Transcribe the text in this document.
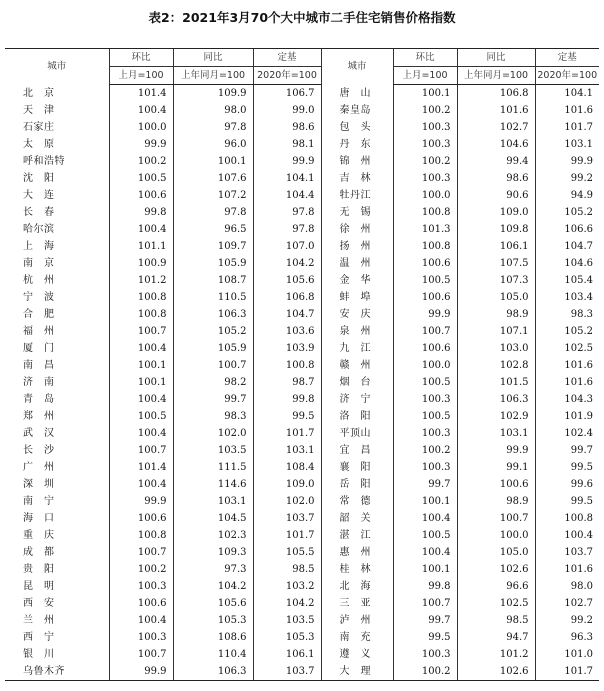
表2：2021年3月70个大中城市二手住宅销售价格指数
城市	环比	同比	定基	城市	环比	同比	定基
	上月=100	上年同月=100	2020年=100		上月=100	上年同月=100	2020年=100
北　京	101.4	109.9	106.7	唐　山	100.1	106.8	104.1
天　津	100.4	98.0	99.0	秦皇岛	100.2	101.6	101.6
石家庄	100.0	97.8	98.6	包　头	100.3	102.7	101.7
太　原	99.9	96.0	98.1	丹　东	100.3	104.6	103.1
呼和浩特	100.2	100.1	99.9	锦　州	100.2	99.4	99.9
沈　阳	100.5	107.6	104.1	吉　林	100.3	98.6	99.2
大　连	100.6	107.2	104.4	牡丹江	100.0	90.6	94.9
长　春	99.8	97.8	97.8	无　锡	100.8	109.0	105.2
哈尔滨	100.4	96.5	97.8	徐　州	101.3	109.8	106.6
上　海	101.1	109.7	107.0	扬　州	100.8	106.1	104.7
南　京	100.9	105.9	104.2	温　州	100.6	107.5	104.6
杭　州	101.2	108.7	105.6	金　华	100.5	107.3	105.4
宁　波	100.8	110.5	106.8	蚌　埠	100.6	105.0	103.4
合　肥	100.8	106.3	104.7	安　庆	99.9	98.9	98.3
福　州	100.7	105.2	103.6	泉　州	100.7	107.1	105.2
厦　门	100.4	105.9	103.9	九　江	100.6	103.0	102.5
南　昌	100.1	100.7	100.8	赣　州	100.0	102.8	101.6
济　南	100.1	98.2	98.7	烟　台	100.5	101.5	101.6
青　岛	100.4	99.7	99.8	济　宁	100.3	106.3	104.3
郑　州	100.5	98.3	99.5	洛　阳	100.5	102.9	101.9
武　汉	100.4	102.0	101.7	平顶山	100.3	103.1	102.4
长　沙	100.7	103.5	103.1	宜　昌	100.2	99.9	99.7
广　州	101.4	111.5	108.4	襄　阳	100.3	99.1	99.5
深　圳	100.4	114.6	109.0	岳　阳	99.7	100.6	99.6
南　宁	99.9	103.1	102.0	常　德	100.1	98.9	99.5
海　口	100.6	104.5	103.7	韶　关	100.4	100.7	100.8
重　庆	100.8	102.3	101.7	湛　江	100.5	100.0	100.4
成　都	100.7	109.3	105.5	惠　州	100.4	105.0	103.7
贵　阳	100.2	97.3	98.5	桂　林	100.1	102.6	101.6
昆　明	100.3	104.2	103.2	北　海	99.8	96.6	98.0
西　安	100.6	105.6	104.2	三　亚	100.7	102.5	102.7
兰　州	100.4	105.3	103.5	泸　州	99.7	98.5	99.2
西　宁	100.3	108.6	105.3	南　充	99.5	94.7	96.3
银　川	100.7	110.4	106.1	遵　义	100.3	101.2	101.0
乌鲁木齐	99.9	106.3	103.7	大　理	100.2	102.6	101.7
